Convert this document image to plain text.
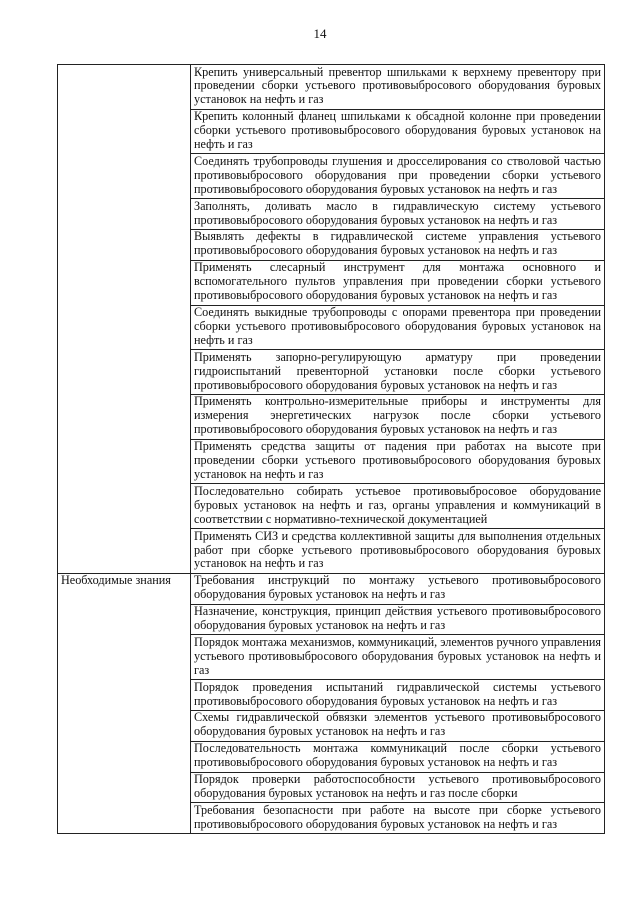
14
	Крепить универсальный превентор шпильками к верхнему превентору при проведении сборки устьевого противовыбросового оборудования буровых установок на нефть и газ
	Крепить колонный фланец шпильками к обсадной колонне при проведении сборки устьевого противовыбросового оборудования буровых установок на нефть и газ
	Соединять трубопроводы глушения и дросселирования со стволовой частью противовыбросового оборудования при проведении сборки устьевого противовыбросового оборудования буровых установок на нефть и газ
	Заполнять, доливать масло в гидравлическую систему устьевого противовыбросового оборудования буровых установок на нефть и газ
	Выявлять дефекты в гидравлической системе управления устьевого противовыбросового оборудования буровых установок на нефть и газ
	Применять слесарный инструмент для монтажа основного и вспомогательного пультов управления при проведении сборки устьевого противовыбросового оборудования буровых установок на нефть и газ
	Соединять выкидные трубопроводы с опорами превентора при проведении сборки устьевого противовыбросового оборудования буровых установок на нефть и газ
	Применять запорно-регулирующую арматуру при проведении гидроиспытаний превенторной установки после сборки устьевого противовыбросового оборудования буровых установок на нефть и газ
	Применять контрольно-измерительные приборы и инструменты для измерения энергетических нагрузок после сборки устьевого противовыбросового оборудования буровых установок на нефть и газ
	Применять средства защиты от падения при работах на высоте при проведении сборки устьевого противовыбросового оборудования буровых установок на нефть и газ
	Последовательно собирать устьевое противовыбросовое оборудование буровых установок на нефть и газ, органы управления и коммуникаций в соответствии с нормативно-технической документацией
	Применять СИЗ и средства коллективной защиты для выполнения отдельных работ при сборке устьевого противовыбросового оборудования буровых установок на нефть и газ
Необходимые знания	Требования инструкций по монтажу устьевого противовыбросового оборудования буровых установок на нефть и газ
	Назначение, конструкция, принцип действия устьевого противовыбросового оборудования буровых установок на нефть и газ
	Порядок монтажа механизмов, коммуникаций, элементов ручного управления устьевого противовыбросового оборудования буровых установок на нефть и газ
	Порядок проведения испытаний гидравлической системы устьевого противовыбросового оборудования буровых установок на нефть и газ
	Схемы гидравлической обвязки элементов устьевого противовыбросового оборудования буровых установок на нефть и газ
	Последовательность монтажа коммуникаций после сборки устьевого противовыбросового оборудования буровых установок на нефть и газ
	Порядок проверки работоспособности устьевого противовыбросового оборудования буровых установок на нефть и газ после сборки
	Требования безопасности при работе на высоте при сборке устьевого противовыбросового оборудования буровых установок на нефть и газ
